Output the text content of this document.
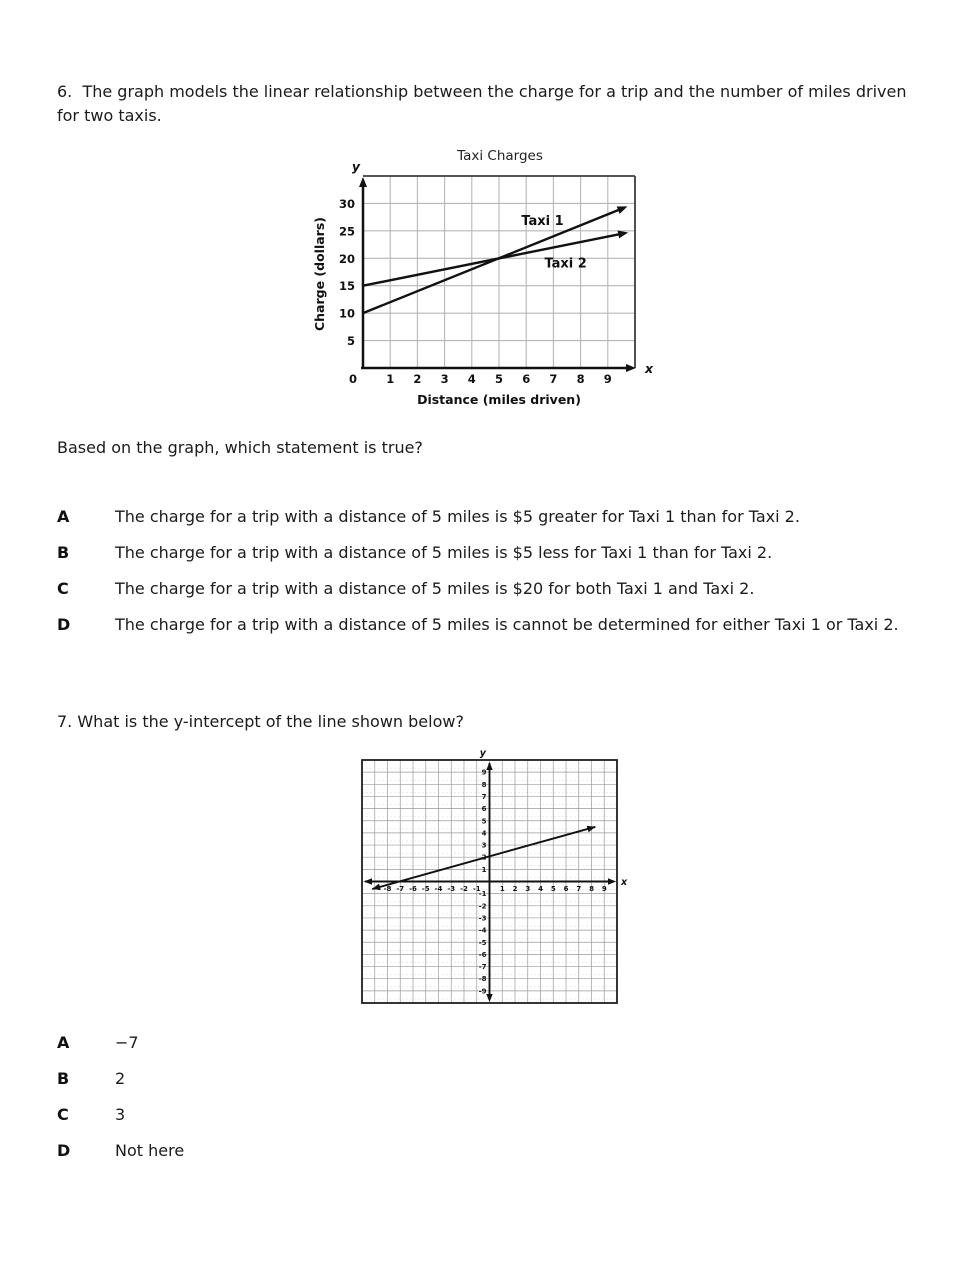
6.  The graph models the linear relationship between the charge for a trip and the number of miles driven for two taxis.
5
10
15
20
25
30
0	1 2 3 4 5 6 7 8 9
Taxi Charges
Distance (miles driven)
Charge (dollars)
y
x
Taxi 1
Taxi 2
Based on the graph, which statement is true?
A	The charge for a trip with a distance of 5 miles is $5 greater for Taxi 1 than for Taxi 2.
B	The charge for a trip with a distance of 5 miles is $5 less for Taxi 1 than for Taxi 2.
C	The charge for a trip with a distance of 5 miles is $20 for both Taxi 1 and Taxi 2.
D	The charge for a trip with a distance of 5 miles is cannot be determined for either Taxi 1 or Taxi 2.
7. What is the y-intercept of the line shown below?
-8 -7 -6 -5 -4 -3 -2 -1	1 2 3 4 5 6 7 8 9
9
8
7
6
5
4
3
1
-1
-2
-3
-4
-5
-6
-7
-8
-9
y
x
A	−7
B	2
C	3
D	Not here
